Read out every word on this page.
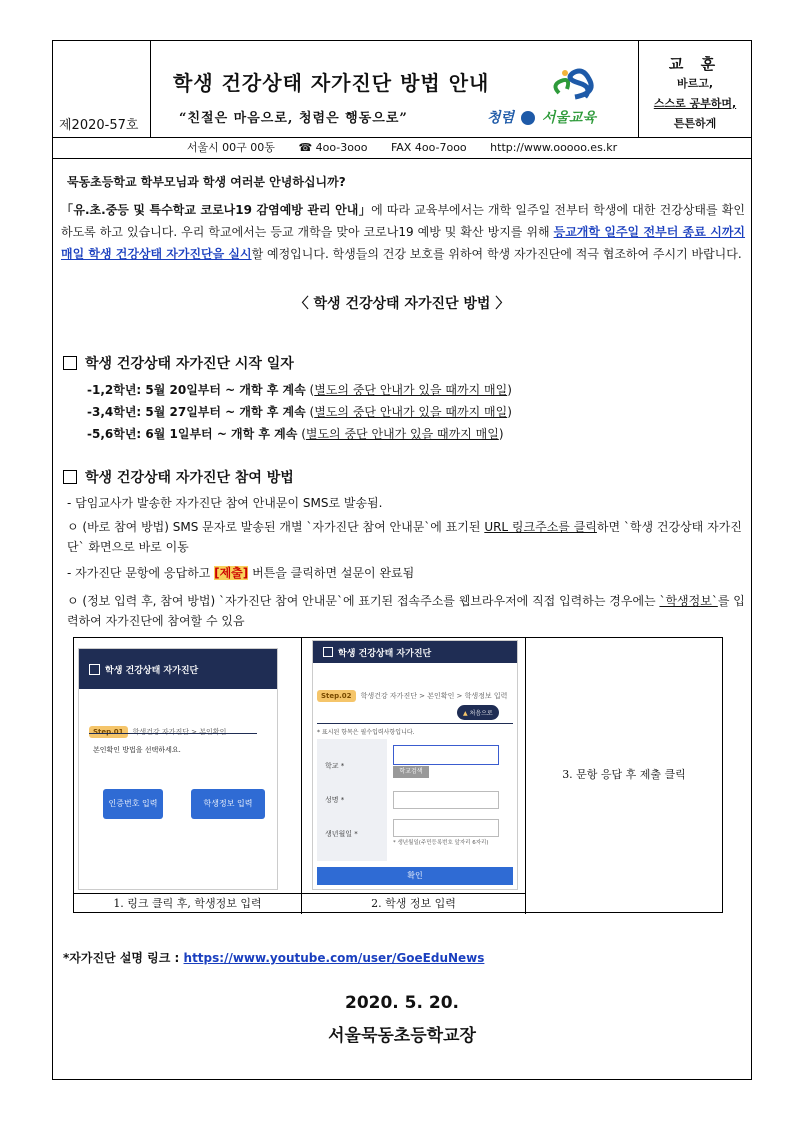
제2020-57호
학생 건강상태 자가진단 방법 안내
“친절은 마음으로, 청렴은 행동으로”	청렴 서울교육
교 훈
바르고,
스스로 공부하며,
튼튼하게
서울시 00구 00동 ☎ 4oo-3ooo FAX 4oo-7ooo http://www.ooooo.es.kr
묵동초등학교 학부모님과 학생 여러분 안녕하십니까?
「유.초.중등 및 특수학교 코로나19 감염예방 관리 안내」에 따라 교육부에서는 개학 일주일 전부터 학생에 대한 건강상태를 확인하도록 하고 있습니다. 우리 학교에서는 등교 개학을 맞아 코로나19 예방 및 확산 방지를 위해 등교개학 일주일 전부터 종료 시까지 매일 학생 건강상태 자가진단을 실시할 예정입니다. 학생들의 건강 보호를 위하여 학생 자가진단에 적극 협조하여 주시기 바랍니다.
〈 학생 건강상태 자가진단 방법 〉
학생 건강상태 자가진단 시작 일자
-1,2학년: 5월 20일부터 ~ 개학 후 계속 (별도의 중단 안내가 있을 때까지 매일)
-3,4학년: 5월 27일부터 ~ 개학 후 계속 (별도의 중단 안내가 있을 때까지 매일)
-5,6학년: 6월 1일부터 ~ 개학 후 계속 (별도의 중단 안내가 있을 때까지 매일)
학생 건강상태 자가진단 참여 방법
- 담임교사가 발송한 자가진단 참여 안내문이 SMS로 발송됨.
ㅇ (바로 참여 방법) SMS 문자로 발송된 개별 `자가진단 참여 안내문`에 표기된 URL 링크주소를 클릭하면 `학생 건강상태 자가진단` 화면으로 바로 이동
- 자가진단 문항에 응답하고 [제출] 버튼을 클릭하면 설문이 완료됨
ㅇ (정보 입력 후, 참여 방법) `자가진단 참여 안내문`에 표기된 접속주소를 웹브라우저에 직접 입력하는 경우에는 `학생정보`를 입력하여 자가진단에 참여할 수 있음
학생 건강상태 자가진단
Step.01 학생건강 자가진단 > 본인확인
본인확인 방법을 선택하세요.
인증번호 입력	학생정보 입력
1. 링크 클릭 후, 학생정보 입력
학생 건강상태 자가진단
Step.02 학생건강 자가진단 > 본인확인 > 학생정보 입력
▲ 처음으로
* 표시된 항목은 필수입력사항입니다.
학교 *
학교검색
성명 *
생년월일 *
* 생년월일(주민등록번호 앞자리 6자리)
확인
2. 학생 정보 입력
3. 문항 응답 후 제출 클릭
*자가진단 설명 링크 : https://www.youtube.com/user/GoeEduNews
2020. 5. 20.
서울묵동초등학교장
